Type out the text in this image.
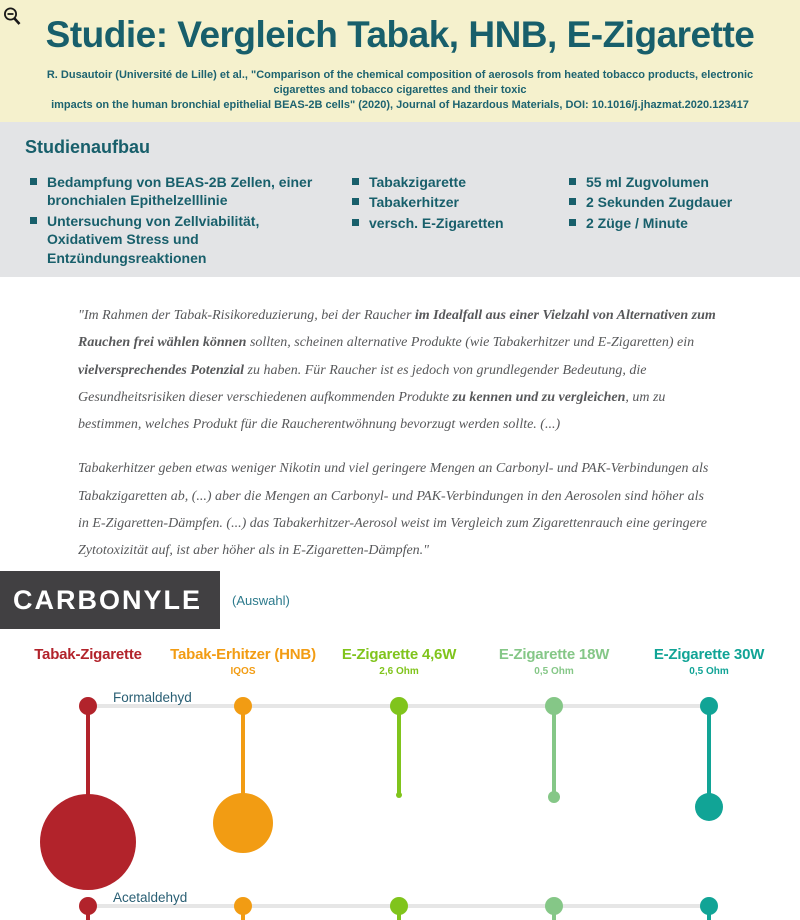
Studie: Vergleich Tabak, HNB, E-Zigarette
R. Dusautoir (Université de Lille) et al., "Comparison of the chemical composition of aerosols from heated tobacco products, electronic cigarettes and tobacco cigarettes and their toxic
impacts on the human bronchial epithelial BEAS-2B cells" (2020), Journal of Hazardous Materials, DOI: 10.1016/j.jhazmat.2020.123417
Studienaufbau
Bedampfung von BEAS-2B Zellen, einer bronchialen Epithelzelllinie
Untersuchung von Zellviabilität, Oxidativem Stress und Entzündungsreaktionen
Tabakzigarette
Tabakerhitzer
versch. E-Zigaretten
55 ml Zugvolumen
2 Sekunden Zugdauer
2 Züge / Minute

"Im Rahmen der Tabak-Risikoreduzierung, bei der Raucher im Idealfall aus einer Vielzahl von Alternativen zum Rauchen frei wählen können sollten, scheinen alternative Produkte (wie Tabakerhitzer und E-Zigaretten) ein vielversprechendes Potenzial zu haben. Für Raucher ist es jedoch von grundlegender Bedeutung, die Gesundheitsrisiken dieser verschiedenen aufkommenden Produkte zu kennen und zu vergleichen, um zu bestimmen, welches Produkt für die Raucherentwöhnung bevorzugt werden sollte. (...)

Tabakerhitzer geben etwas weniger Nikotin und viel geringere Mengen an Carbonyl- und PAK-Verbindungen als Tabakzigaretten ab, (...) aber die Mengen an Carbonyl- und PAK-Verbindungen in den Aerosolen sind höher als in E-Zigaretten-Dämpfen. (...) das Tabakerhitzer-Aerosol weist im Vergleich zum Zigarettenrauch eine geringere Zytotoxizität auf, ist aber höher als in E-Zigaretten-Dämpfen."

CARBONYLE	(Auswahl)
Formaldehyd
Acetaldehyd
Tabak-Zigarette	Tabak-Erhitzer (HNB)
IQOS
E-Zigarette 4,6W
2,6 Ohm
E-Zigarette 18W
0,5 Ohm
E-Zigarette 30W
0,5 Ohm
